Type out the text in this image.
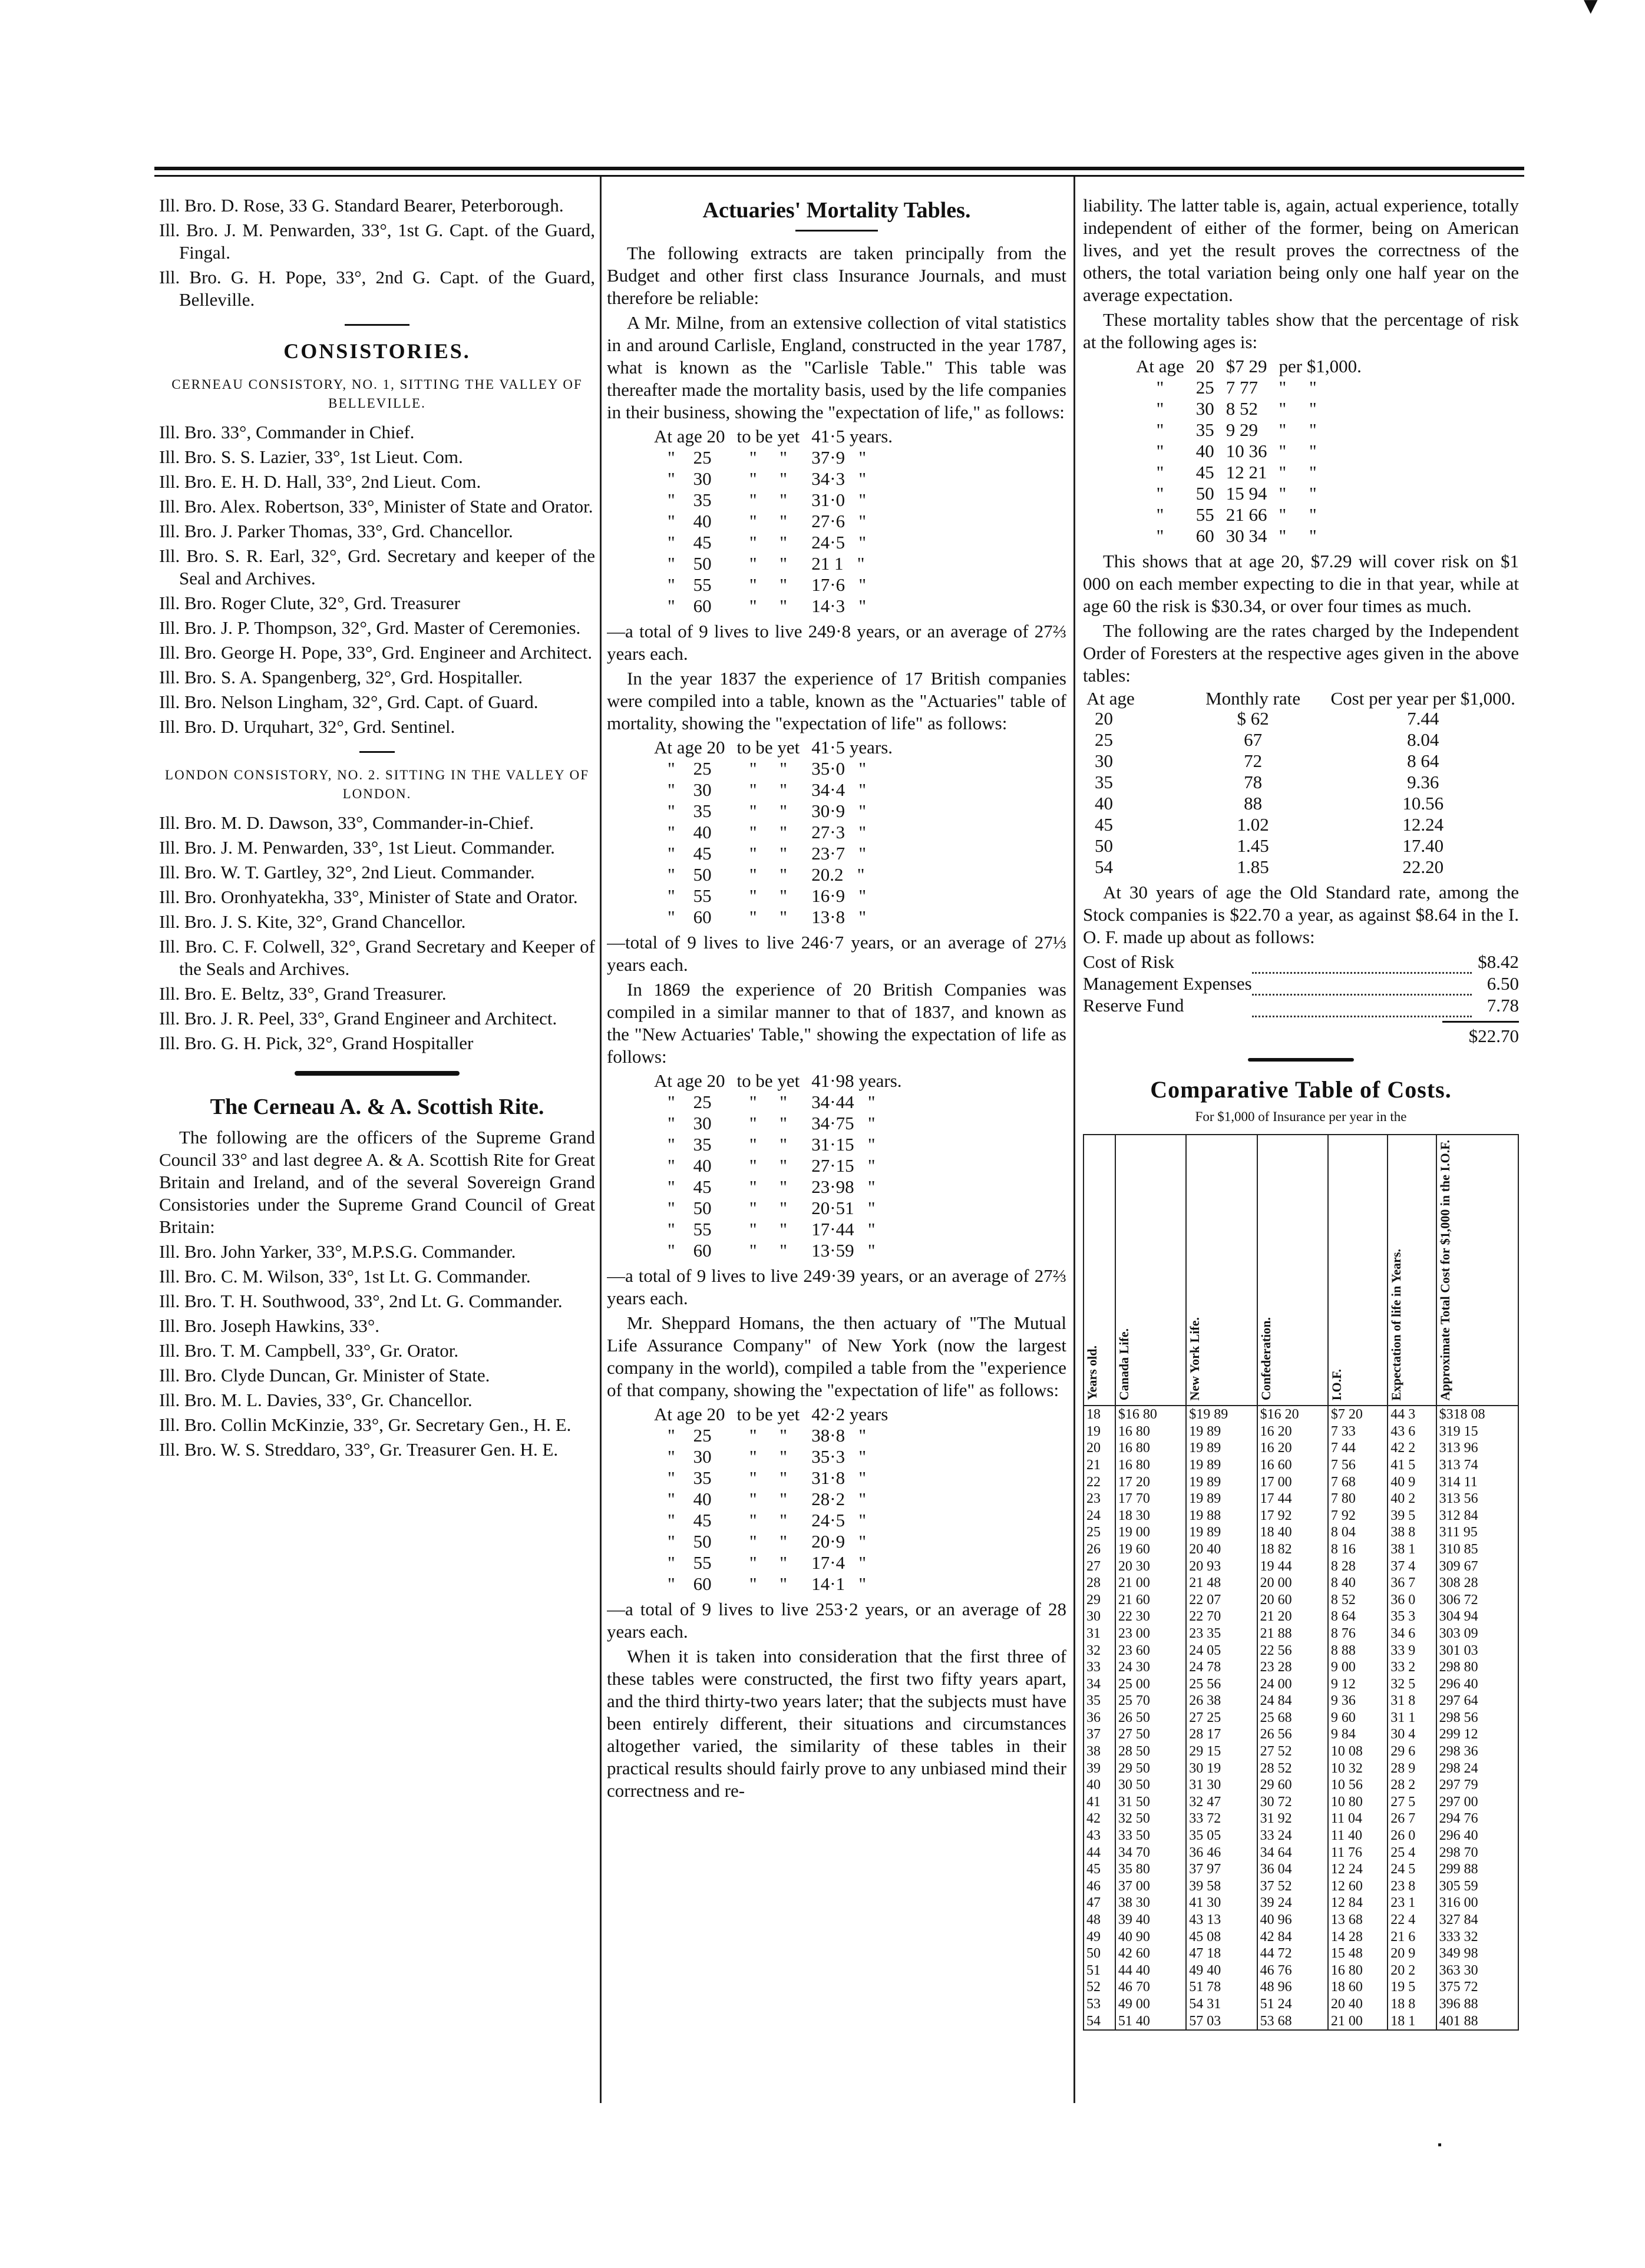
▼
▪

Ill. Bro. D. Rose, 33 G. Standard Bearer, Peterborough.

Ill. Bro. J. M. Penwarden, 33°, 1st G. Capt. of the Guard, Fingal.

Ill. Bro. G. H. Pope, 33°, 2nd G. Capt. of the Guard, Belleville.

CONSISTORIES.
CERNEAU CONSISTORY, NO. 1, SITTING THE VALLEY OF BELLEVILLE.

Ill. Bro. 33°, Commander in Chief.

Ill. Bro. S. S. Lazier, 33°, 1st Lieut. Com.

Ill. Bro. E. H. D. Hall, 33°, 2nd Lieut. Com.

Ill. Bro. Alex. Robertson, 33°, Minister of State and Orator.

Ill. Bro. J. Parker Thomas, 33°, Grd. Chancellor.

Ill. Bro. S. R. Earl, 32°, Grd. Secretary and keeper of the Seal and Archives.

Ill. Bro. Roger Clute, 32°, Grd. Treasurer

Ill. Bro. J. P. Thompson, 32°, Grd. Master of Ceremonies.

Ill. Bro. George H. Pope, 33°, Grd. Engineer and Architect.

Ill. Bro. S. A. Spangenberg, 32°, Grd. Hospitaller.

Ill. Bro. Nelson Lingham, 32°, Grd. Capt. of Guard.

Ill. Bro. D. Urquhart, 32°, Grd. Sentinel.

LONDON CONSISTORY, NO. 2. SITTING IN THE VALLEY OF LONDON.

Ill. Bro. M. D. Dawson, 33°, Commander-in-Chief.

Ill. Bro. J. M. Penwarden, 33°, 1st Lieut. Commander.

Ill. Bro. W. T. Gartley, 32°, 2nd Lieut. Commander.

Ill. Bro. Oronhyatekha, 33°, Minister of State and Orator.

Ill. Bro. J. S. Kite, 32°, Grand Chancellor.

Ill. Bro. C. F. Colwell, 32°, Grand Secretary and Keeper of the Seals and Archives.

Ill. Bro. E. Beltz, 33°, Grand Treasurer.

Ill. Bro. J. R. Peel, 33°, Grand Engineer and Architect.

Ill. Bro. G. H. Pick, 32°, Grand Hospitaller

The Cerneau A. & A. Scottish Rite.

The following are the officers of the Supreme Grand Council 33° and last degree A. & A. Scottish Rite for Great Britain and Ireland, and of the several Sovereign Grand Consistories under the Supreme Grand Council of Great Britain:

Ill. Bro. John Yarker, 33°, M.P.S.G. Commander.

Ill. Bro. C. M. Wilson, 33°, 1st Lt. G. Commander.

Ill. Bro. T. H. Southwood, 33°, 2nd Lt. G. Commander.

Ill. Bro. Joseph Hawkins, 33°.

Ill. Bro. T. M. Campbell, 33°, Gr. Orator.

Ill. Bro. Clyde Duncan, Gr. Minister of State.

Ill. Bro. M. L. Davies, 33°, Gr. Chancellor.

Ill. Bro. Collin McKinzie, 33°, Gr. Secretary Gen., H. E.

Ill. Bro. W. S. Streddaro, 33°, Gr. Treasurer Gen. H. E.

Actuaries' Mortality Tables.

The following extracts are taken principally from the Budget and other first class Insurance Journals, and must therefore be reliable:

A Mr. Milne, from an extensive collection of vital statistics in and around Carlisle, England, constructed in the year 1787, what is known as the "Carlisle Table." This table was thereafter made the mortality basis, used by the life companies in their business, showing the "expectation of life," as follows:

At age 20	to be yet	41·5 years.
" 25	" "	37·9 "
" 30	" "	34·3 "
" 35	" "	31·0 "
" 40	" "	27·6 "
" 45	" "	24·5 "
" 50	" "	21 1 "
" 55	" "	17·6 "
" 60	" "	14·3 "

—a total of 9 lives to live 249·8 years, or an average of 27⅔ years each.

In the year 1837 the experience of 17 British companies were compiled into a table, known as the "Actuaries" table of mortality, showing the "expectation of life" as follows:

At age 20	to be yet	41·5 years.
" 25	" "	35·0 "
" 30	" "	34·4 "
" 35	" "	30·9 "
" 40	" "	27·3 "
" 45	" "	23·7 "
" 50	" "	20.2 "
" 55	" "	16·9 "
" 60	" "	13·8 "

—total of 9 lives to live 246·7 years, or an average of 27⅓ years each.

In 1869 the experience of 20 British Companies was compiled in a similar manner to that of 1837, and known as the "New Actuaries' Table," showing the expectation of life as follows:

At age 20	to be yet	41·98 years.
" 25	" "	34·44 "
" 30	" "	34·75 "
" 35	" "	31·15 "
" 40	" "	27·15 "
" 45	" "	23·98 "
" 50	" "	20·51 "
" 55	" "	17·44 "
" 60	" "	13·59 "

—a total of 9 lives to live 249·39 years, or an average of 27⅔ years each.

Mr. Sheppard Homans, the then actuary of "The Mutual Life Assurance Company" of New York (now the largest company in the world), compiled a table from the "experience of that company, showing the "expectation of life" as follows:

At age 20	to be yet	42·2 years
" 25	" "	38·8 "
" 30	" "	35·3 "
" 35	" "	31·8 "
" 40	" "	28·2 "
" 45	" "	24·5 "
" 50	" "	20·9 "
" 55	" "	17·4 "
" 60	" "	14·1 "

—a total of 9 lives to live 253·2 years, or an average of 28 years each.

When it is taken into consideration that the first three of these tables were constructed, the first two fifty years apart, and the third thirty-two years later; that the subjects must have been entirely different, their situations and circumstances altogether varied, the similarity of these tables in their practical results should fairly prove to any unbiased mind their correctness and re-

liability. The latter table is, again, actual experience, totally independent of either of the former, being on American lives, and yet the result proves the correctness of the others, the total variation being only one half year on the average expectation.

These mortality tables show that the percentage of risk at the following ages is:

At age	20	$7 29	per $1,000.
"	25	7 77	" "
"	30	8 52	" "
"	35	9 29	" "
"	40	10 36	" "
"	45	12 21	" "
"	50	15 94	" "
"	55	21 66	" "
"	60	30 34	" "

This shows that at age 20, $7.29 will cover risk on $1 000 on each member expecting to die in that year, while at age 60 the risk is $30.34, or over four times as much.

The following are the rates charged by the Independent Order of Foresters at the respective ages given in the above tables:

At age	Monthly rate	Cost per year per $1,000.
20	$ 62	7.44
25	67	8.04
30	72	8 64
35	78	9.36
40	88	10.56
45	1.02	12.24
50	1.45	17.40
54	1.85	22.20

At 30 years of age the Old Standard rate, among the Stock companies is $22.70 a year, as against $8.64 in the I. O. F. made up about as follows:

Cost of Risk		$8.42
Management Expenses		6.50
Reserve Fund		7.78

$22.70

Comparative Table of Costs.
For $1,000 of Insurance per year in the
Years old.	Canada Life.	New York Life.	Confederation.	I.O.F.	Expectation of life in Years.	Approximate Total Cost for $1,000 in the I.O.F.

18	$16 80	$19 89	$16 20	$7 20	44 3	$318 08
19	16 80	19 89	16 20	7 33	43 6	319 15
20	16 80	19 89	16 20	7 44	42 2	313 96
21	16 80	19 89	16 60	7 56	41 5	313 74
22	17 20	19 89	17 00	7 68	40 9	314 11
23	17 70	19 89	17 44	7 80	40 2	313 56
24	18 30	19 88	17 92	7 92	39 5	312 84
25	19 00	19 89	18 40	8 04	38 8	311 95
26	19 60	20 40	18 82	8 16	38 1	310 85
27	20 30	20 93	19 44	8 28	37 4	309 67
28	21 00	21 48	20 00	8 40	36 7	308 28
29	21 60	22 07	20 60	8 52	36 0	306 72
30	22 30	22 70	21 20	8 64	35 3	304 94
31	23 00	23 35	21 88	8 76	34 6	303 09
32	23 60	24 05	22 56	8 88	33 9	301 03
33	24 30	24 78	23 28	9 00	33 2	298 80
34	25 00	25 56	24 00	9 12	32 5	296 40
35	25 70	26 38	24 84	9 36	31 8	297 64
36	26 50	27 25	25 68	9 60	31 1	298 56
37	27 50	28 17	26 56	9 84	30 4	299 12
38	28 50	29 15	27 52	10 08	29 6	298 36
39	29 50	30 19	28 52	10 32	28 9	298 24
40	30 50	31 30	29 60	10 56	28 2	297 79
41	31 50	32 47	30 72	10 80	27 5	297 00
42	32 50	33 72	31 92	11 04	26 7	294 76
43	33 50	35 05	33 24	11 40	26 0	296 40
44	34 70	36 46	34 64	11 76	25 4	298 70
45	35 80	37 97	36 04	12 24	24 5	299 88
46	37 00	39 58	37 52	12 60	23 8	305 59
47	38 30	41 30	39 24	12 84	23 1	316 00
48	39 40	43 13	40 96	13 68	22 4	327 84
49	40 90	45 08	42 84	14 28	21 6	333 32
50	42 60	47 18	44 72	15 48	20 9	349 98
51	44 40	49 40	46 76	16 80	20 2	363 30
52	46 70	51 78	48 96	18 60	19 5	375 72
53	49 00	54 31	51 24	20 40	18 8	396 88
54	51 40	57 03	53 68	21 00	18 1	401 88
